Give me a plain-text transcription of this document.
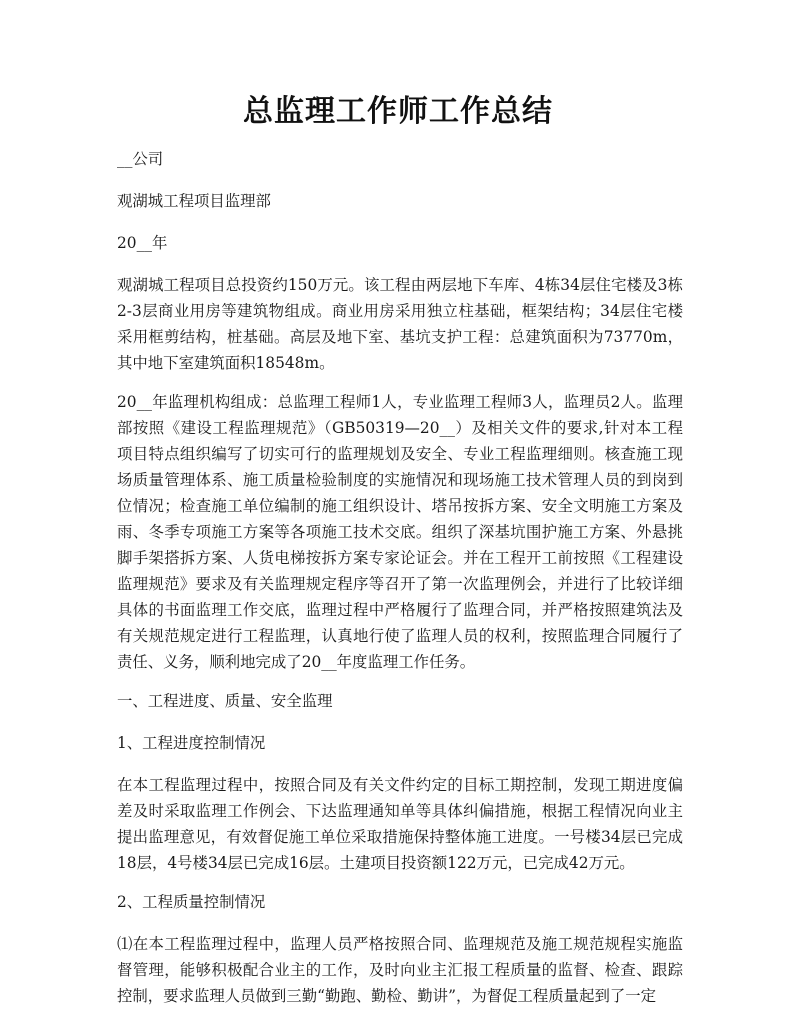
总监理工作师工作总结

__公司

观湖城工程项目监理部

20__年

观湖城工程项目总投资约150万元。该工程由两层地下车库、4栋34层住宅楼及3栋2-3层商业用房等建筑物组成。商业用房采用独立柱基础，框架结构；34层住宅楼采用框剪结构，桩基础。高层及地下室、基坑支护工程：总建筑面积为73770m，其中地下室建筑面积18548m。

20__年监理机构组成：总监理工程师1人，专业监理工程师3人，监理员2人。监理部按照《建设工程监理规范》（GB50319—20__）及相关文件的要求,针对本工程项目特点组织编写了切实可行的监理规划及安全、专业工程监理细则。核查施工现场质量管理体系、施工质量检验制度的实施情况和现场施工技术管理人员的到岗到位情况；检查施工单位编制的施工组织设计、塔吊按拆方案、安全文明施工方案及雨、冬季专项施工方案等各项施工技术交底。组织了深基坑围护施工方案、外悬挑脚手架搭拆方案、人货电梯按拆方案专家论证会。并在工程开工前按照《工程建设监理规范》要求及有关监理规定程序等召开了第一次监理例会，并进行了比较详细具体的书面监理工作交底，监理过程中严格履行了监理合同，并严格按照建筑法及有关规范规定进行工程监理，认真地行使了监理人员的权利，按照监理合同履行了责任、义务，顺利地完成了20__年度监理工作任务。

一、工程进度、质量、安全监理

1、工程进度控制情况

在本工程监理过程中，按照合同及有关文件约定的目标工期控制，发现工期进度偏差及时采取监理工作例会、下达监理通知单等具体纠偏措施，根据工程情况向业主提出监理意见，有效督促施工单位采取措施保持整体施工进度。一号楼34层已完成18层，4号楼34层已完成16层。土建项目投资额122万元，已完成42万元。

2、工程质量控制情况

⑴在本工程监理过程中，监理人员严格按照合同、监理规范及施工规范规程实施监督管理，能够积极配合业主的工作，及时向业主汇报工程质量的监督、检查、跟踪控制，要求监理人员做到三勤“勤跑、勤检、勤讲”，为督促工程质量起到了一定
